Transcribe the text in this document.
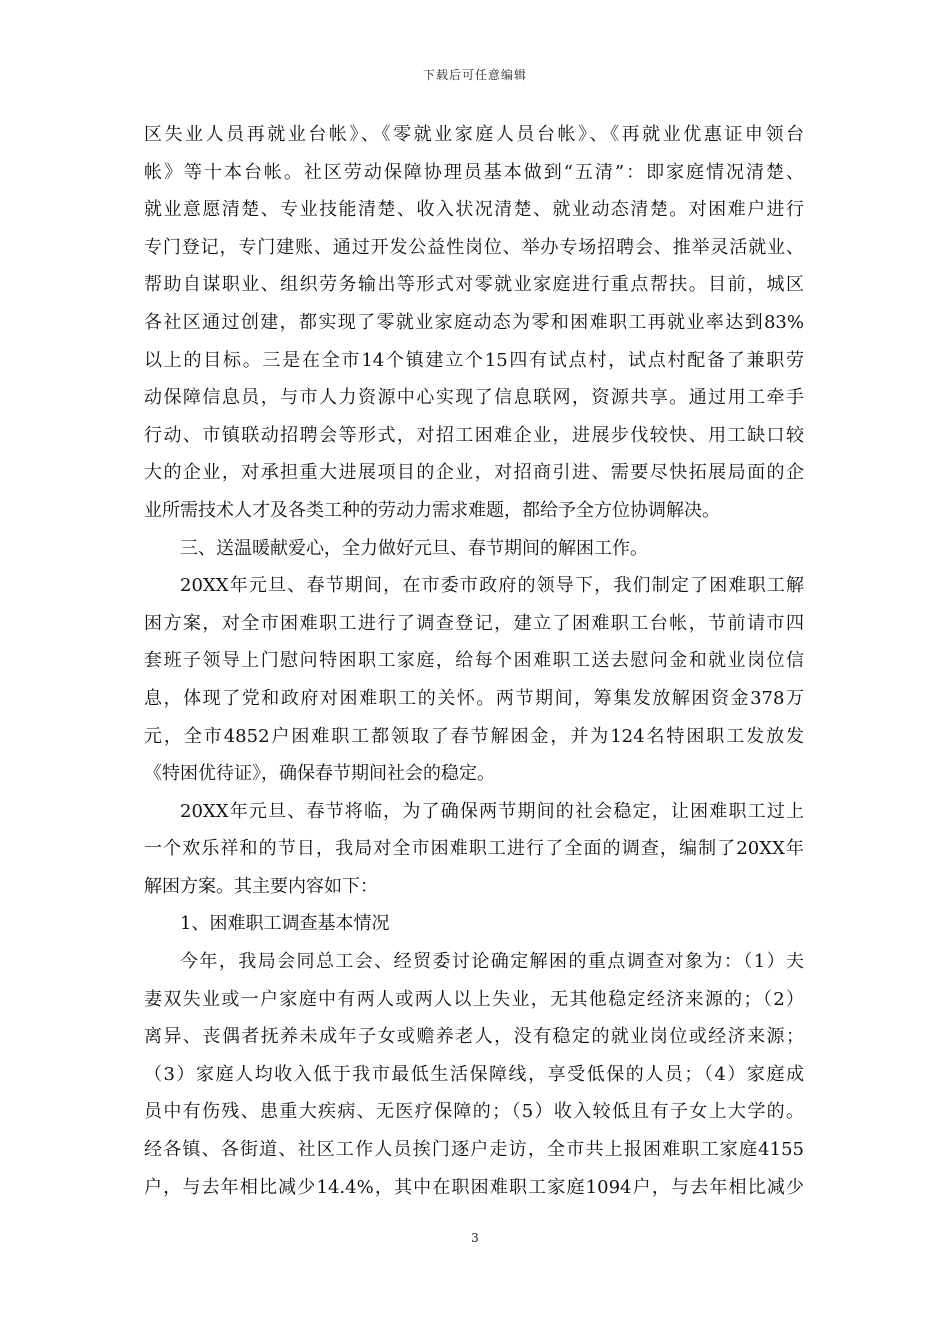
下载后可任意编辑
区失业人员再就业台帐》、《零就业家庭人员台帐》、《再就业优惠证申领台
帐》等十本台帐。社区劳动保障协理员基本做到“五清”：即家庭情况清楚、
就业意愿清楚、专业技能清楚、收入状况清楚、就业动态清楚。对困难户进行
专门登记，专门建账、通过开发公益性岗位、举办专场招聘会、推举灵活就业、
帮助自谋职业、组织劳务输出等形式对零就业家庭进行重点帮扶。目前，城区
各社区通过创建，都实现了零就业家庭动态为零和困难职工再就业率达到83%
以上的目标。三是在全市14个镇建立个15四有试点村，试点村配备了兼职劳
动保障信息员，与市人力资源中心实现了信息联网，资源共享。通过用工牵手
行动、市镇联动招聘会等形式，对招工困难企业，进展步伐较快、用工缺口较
大的企业，对承担重大进展项目的企业，对招商引进、需要尽快拓展局面的企
业所需技术人才及各类工种的劳动力需求难题，都给予全方位协调解决。
三、送温暖献爱心，全力做好元旦、春节期间的解困工作。
20XX年元旦、春节期间，在市委市政府的领导下，我们制定了困难职工解
困方案，对全市困难职工进行了调查登记，建立了困难职工台帐，节前请市四
套班子领导上门慰问特困职工家庭，给每个困难职工送去慰问金和就业岗位信
息，体现了党和政府对困难职工的关怀。两节期间，筹集发放解困资金378万
元，全市4852户困难职工都领取了春节解困金，并为124名特困职工发放发
《特困优待证》，确保春节期间社会的稳定。
20XX年元旦、春节将临，为了确保两节期间的社会稳定，让困难职工过上
一个欢乐祥和的节日，我局对全市困难职工进行了全面的调查，编制了20XX年
解困方案。其主要内容如下：
1、困难职工调查基本情况
今年，我局会同总工会、经贸委讨论确定解困的重点调查对象为：（1）夫
妻双失业或一户家庭中有两人或两人以上失业，无其他稳定经济来源的；（2）
离异、丧偶者抚养未成年子女或赡养老人，没有稳定的就业岗位或经济来源；
（3）家庭人均收入低于我市最低生活保障线，享受低保的人员；（4）家庭成
员中有伤残、患重大疾病、无医疗保障的；（5）收入较低且有子女上大学的。
经各镇、各街道、社区工作人员挨门逐户走访，全市共上报困难职工家庭4155
户，与去年相比减少14.4%，其中在职困难职工家庭1094户，与去年相比减少
3
